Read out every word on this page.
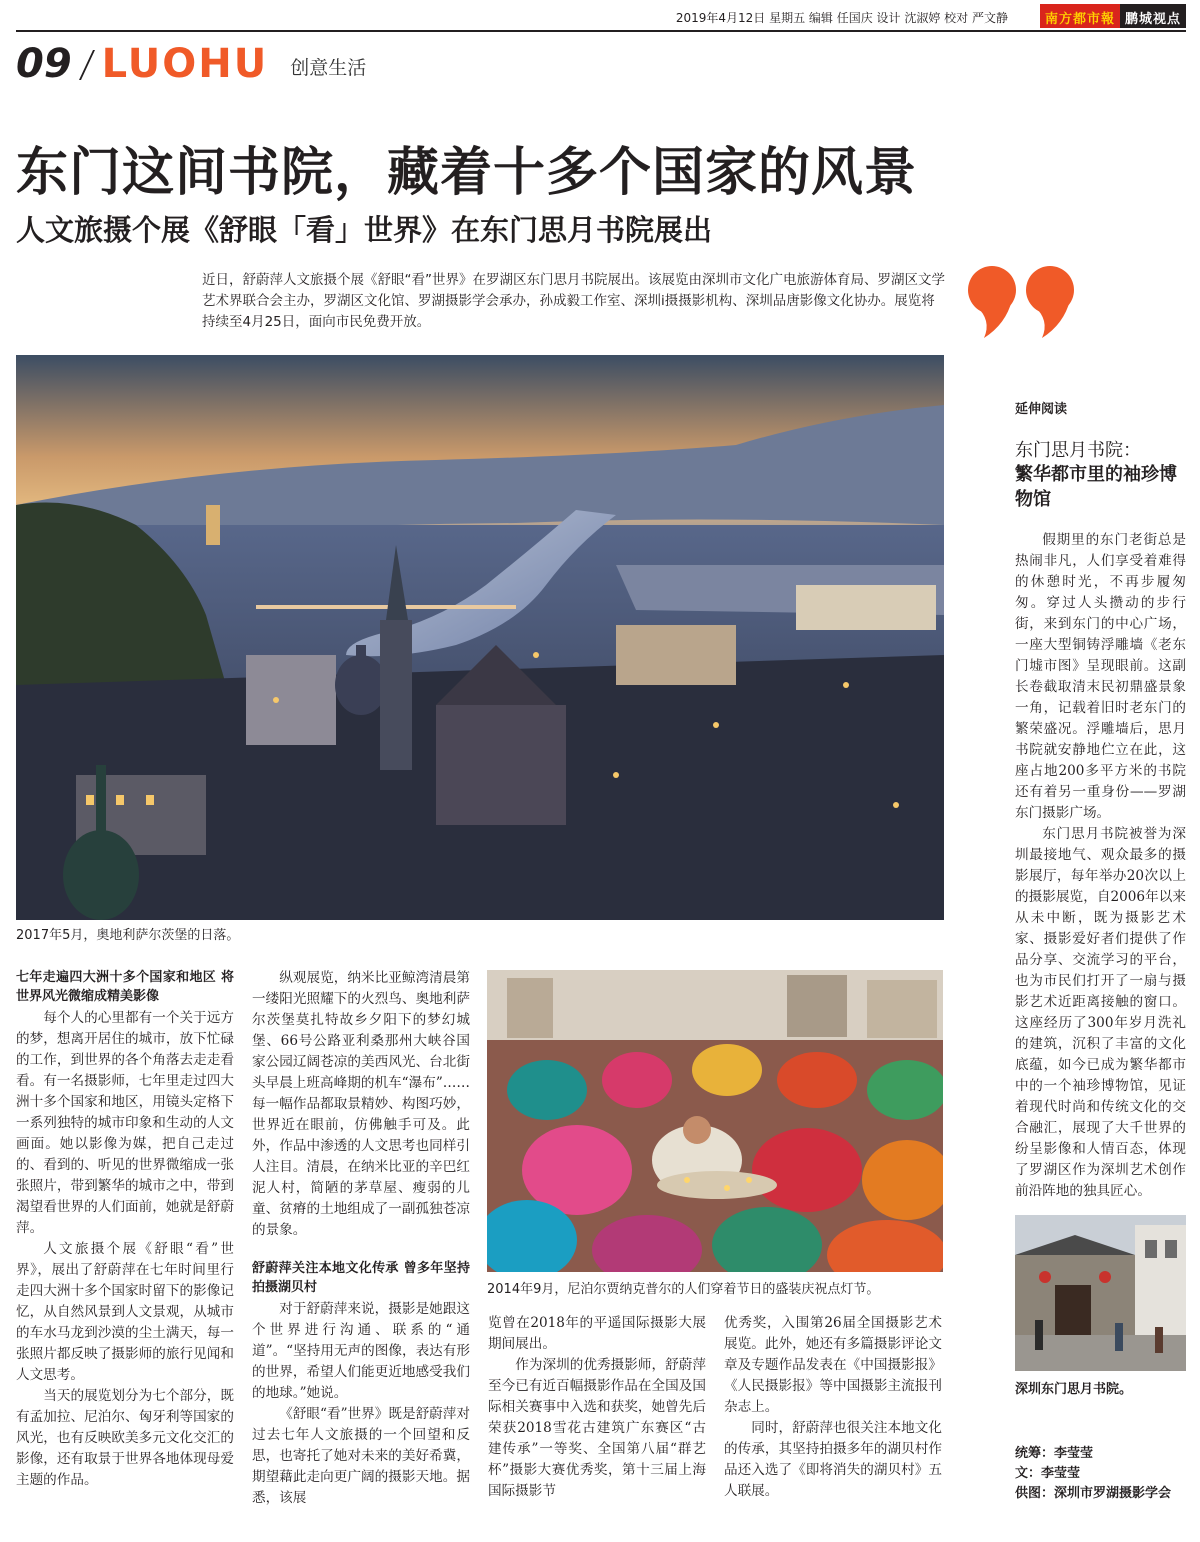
2019年4月12日 星期五 编辑 任国庆 设计 沈淑婷 校对 严文静	南方都市報 鹏城视点
09 LUOHU 创意生活
东门这间书院，藏着十多个国家的风景
人文旅摄个展《舒眼「看」世界》在东门思月书院展出

近日，舒蔚萍人文旅摄个展《舒眼“看”世界》在罗湖区东门思月书院展出。该展览由深圳市文化广电旅游体育局、罗湖区文学艺术界联合会主办，罗湖区文化馆、罗湖摄影学会承办，孙成毅工作室、深圳i摄摄影机构、深圳品唐影像文化协办。展览将持续至4月25日，面向市民免费开放。

2017年5月，奥地利萨尔茨堡的日落。
七年走遍四大洲十多个国家和地区 将世界风光微缩成精美影像

每个人的心里都有一个关于远方的梦，想离开居住的城市，放下忙碌的工作，到世界的各个角落去走走看看。有一名摄影师，七年里走过四大洲十多个国家和地区，用镜头定格下一系列独特的城市印象和生动的人文画面。她以影像为媒，把自己走过的、看到的、听见的世界微缩成一张张照片，带到繁华的城市之中，带到渴望看世界的人们面前，她就是舒蔚萍。

人文旅摄个展《舒眼“看”世界》，展出了舒蔚萍在七年时间里行走四大洲十多个国家时留下的影像记忆，从自然风景到人文景观，从城市的车水马龙到沙漠的尘土满天，每一张照片都反映了摄影师的旅行见闻和人文思考。

当天的展览划分为七个部分，既有孟加拉、尼泊尔、匈牙利等国家的风光，也有反映欧美多元文化交汇的影像，还有取景于世界各地体现母爱主题的作品。

纵观展览，纳米比亚鲸湾清晨第一缕阳光照耀下的火烈鸟、奥地利萨尔茨堡莫扎特故乡夕阳下的梦幻城堡、66号公路亚利桑那州大峡谷国家公园辽阔苍凉的美西风光、台北街头早晨上班高峰期的机车“瀑布”……每一幅作品都取景精妙、构图巧妙，世界近在眼前，仿佛触手可及。此外，作品中渗透的人文思考也同样引人注目。清晨，在纳米比亚的辛巴红泥人村，简陋的茅草屋、瘦弱的儿童、贫瘠的土地组成了一副孤独苍凉的景象。

舒蔚萍关注本地文化传承 曾多年坚持拍摄湖贝村

对于舒蔚萍来说，摄影是她跟这个世界进行沟通、联系的“通道”。“坚持用无声的图像，表达有形的世界，希望人们能更近地感受我们的地球。”她说。

《舒眼“看”世界》既是舒蔚萍对过去七年人文旅摄的一个回望和反思，也寄托了她对未来的美好希冀，期望藉此走向更广阔的摄影天地。据悉，该展

2014年9月，尼泊尔贾纳克普尔的人们穿着节日的盛装庆祝点灯节。

览曾在2018年的平遥国际摄影大展期间展出。

作为深圳的优秀摄影师，舒蔚萍至今已有近百幅摄影作品在全国及国际相关赛事中入选和获奖，她曾先后荣获2018雪花古建筑广东赛区“古建传承”一等奖、全国第八届“群艺杯”摄影大赛优秀奖，第十三届上海国际摄影节

优秀奖，入围第26届全国摄影艺术展览。此外，她还有多篇摄影评论文章及专题作品发表在《中国摄影报》《人民摄影报》等中国摄影主流报刊杂志上。

同时，舒蔚萍也很关注本地文化的传承，其坚持拍摄多年的湖贝村作品还入选了《即将消失的湖贝村》五人联展。

延伸阅读
东门思月书院：
繁华都市里的袖珍博物馆

假期里的东门老街总是热闹非凡，人们享受着难得的休憩时光，不再步履匆匆。穿过人头攒动的步行街，来到东门的中心广场，一座大型铜铸浮雕墙《老东门墟市图》呈现眼前。这副长卷截取清末民初鼎盛景象一角，记载着旧时老东门的繁荣盛况。浮雕墙后，思月书院就安静地伫立在此，这座占地200多平方米的书院还有着另一重身份——罗湖东门摄影广场。

东门思月书院被誉为深圳最接地气、观众最多的摄影展厅，每年举办20次以上的摄影展览，自2006年以来从未中断，既为摄影艺术家、摄影爱好者们提供了作品分享、交流学习的平台，也为市民们打开了一扇与摄影艺术近距离接触的窗口。这座经历了300年岁月洗礼的建筑，沉积了丰富的文化底蕴，如今已成为繁华都市中的一个袖珍博物馆，见证着现代时尚和传统文化的交合融汇，展现了大千世界的纷呈影像和人情百态，体现了罗湖区作为深圳艺术创作前沿阵地的独具匠心。

深圳东门思月书院。
统筹：李莹莹
文：李莹莹
供图：深圳市罗湖摄影学会
